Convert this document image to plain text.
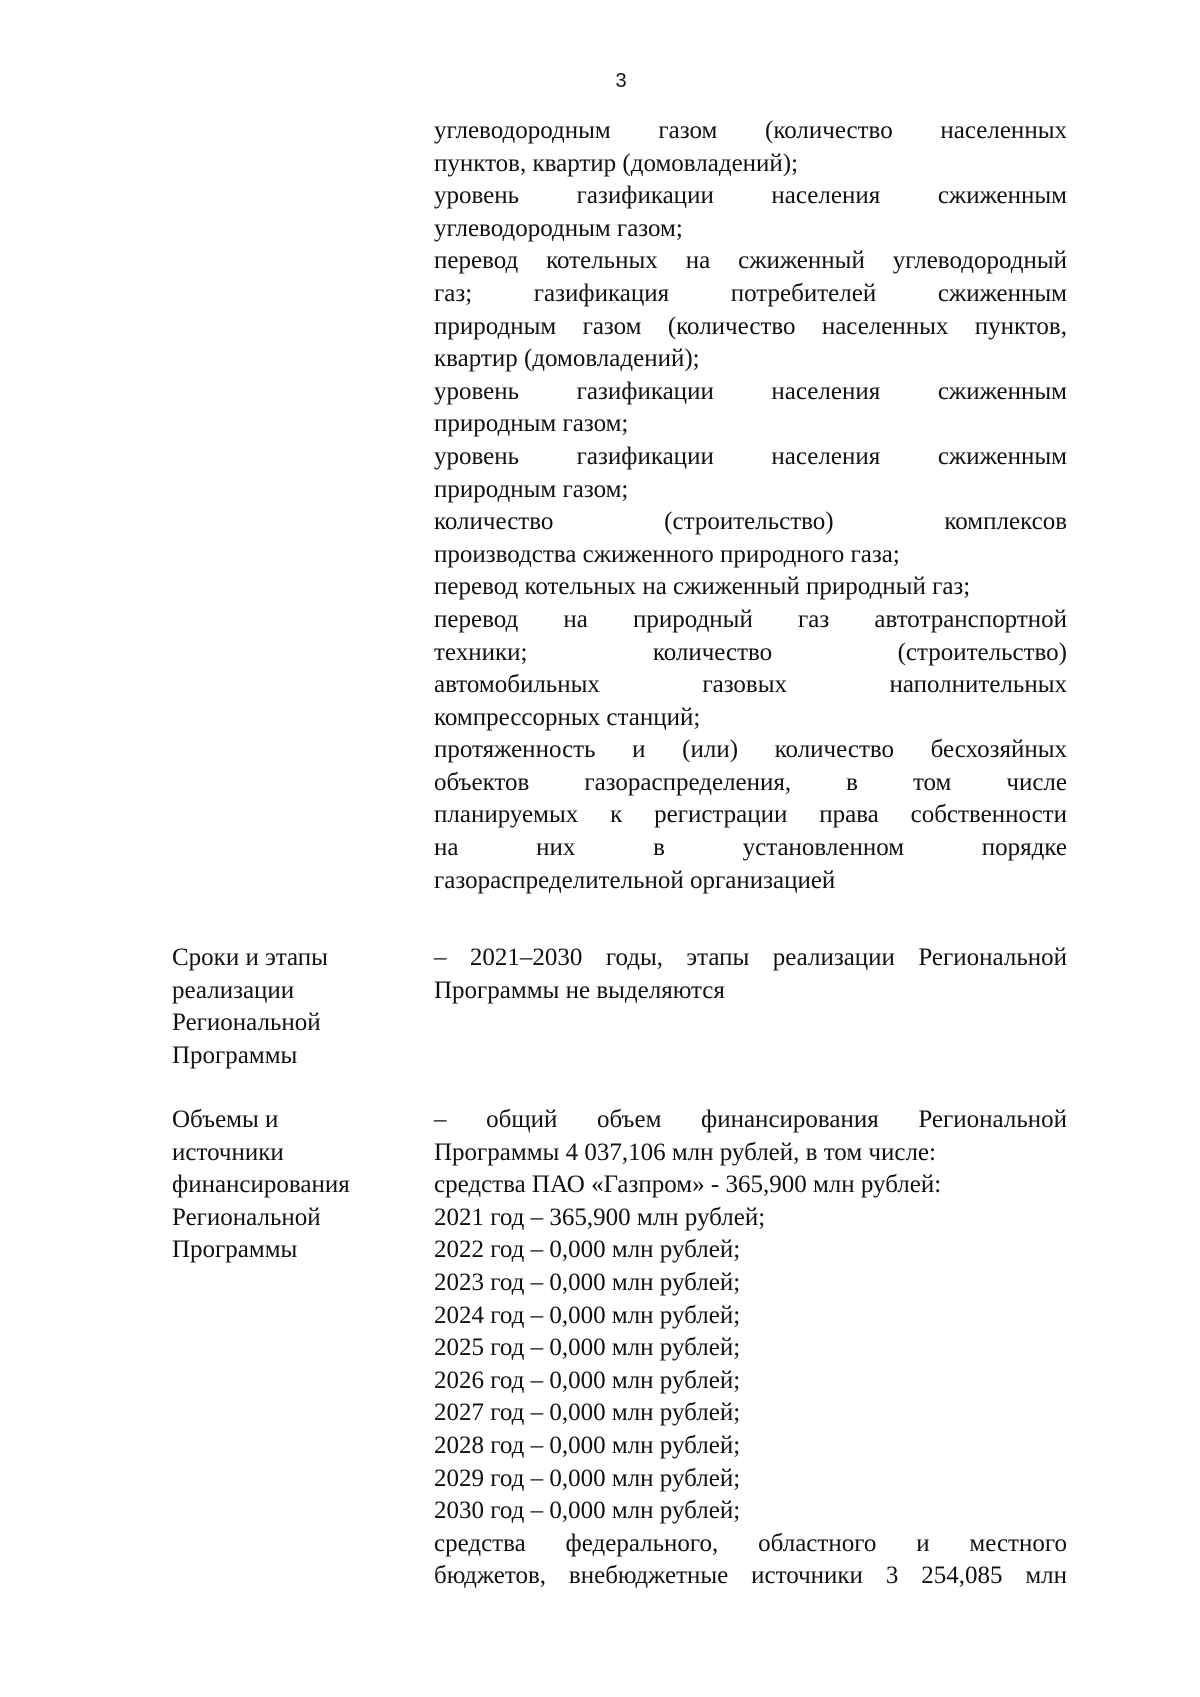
3
углеводородным газом (количество населенных
пунктов, квартир (домовладений);
уровень газификации населения сжиженным
углеводородным газом;
перевод котельных на сжиженный углеводородный
газ; газификация потребителей сжиженным
природным газом (количество населенных пунктов,
квартир (домовладений);
уровень газификации населения сжиженным
природным газом;
уровень газификации населения сжиженным
природным газом;
количество (строительство) комплексов
производства сжиженного природного газа;
перевод котельных на сжиженный природный газ;
перевод на природный газ автотранспортной
техники; количество (строительство)
автомобильных газовых наполнительных
компрессорных станций;
протяженность и (или) количество бесхозяйных
объектов газораспределения, в том числе
планируемых к регистрации права собственности
на них в установленном порядке
газораспределительной организацией
Сроки и этапы
реализации
Региональной
Программы
– 2021–2030 годы, этапы реализации Региональной
Программы не выделяются
Объемы и
источники
финансирования
Региональной
Программы
– общий объем финансирования Региональной
Программы 4 037,106 млн рублей, в том числе:
средства ПАО «Газпром» - 365,900 млн рублей:
2021 год – 365,900 млн рублей;
2022 год – 0,000 млн рублей;
2023 год – 0,000 млн рублей;
2024 год – 0,000 млн рублей;
2025 год – 0,000 млн рублей;
2026 год – 0,000 млн рублей;
2027 год – 0,000 млн рублей;
2028 год – 0,000 млн рублей;
2029 год – 0,000 млн рублей;
2030 год – 0,000 млн рублей;
средства федерального, областного и местного
бюджетов, внебюджетные источники 3 254,085 млн
